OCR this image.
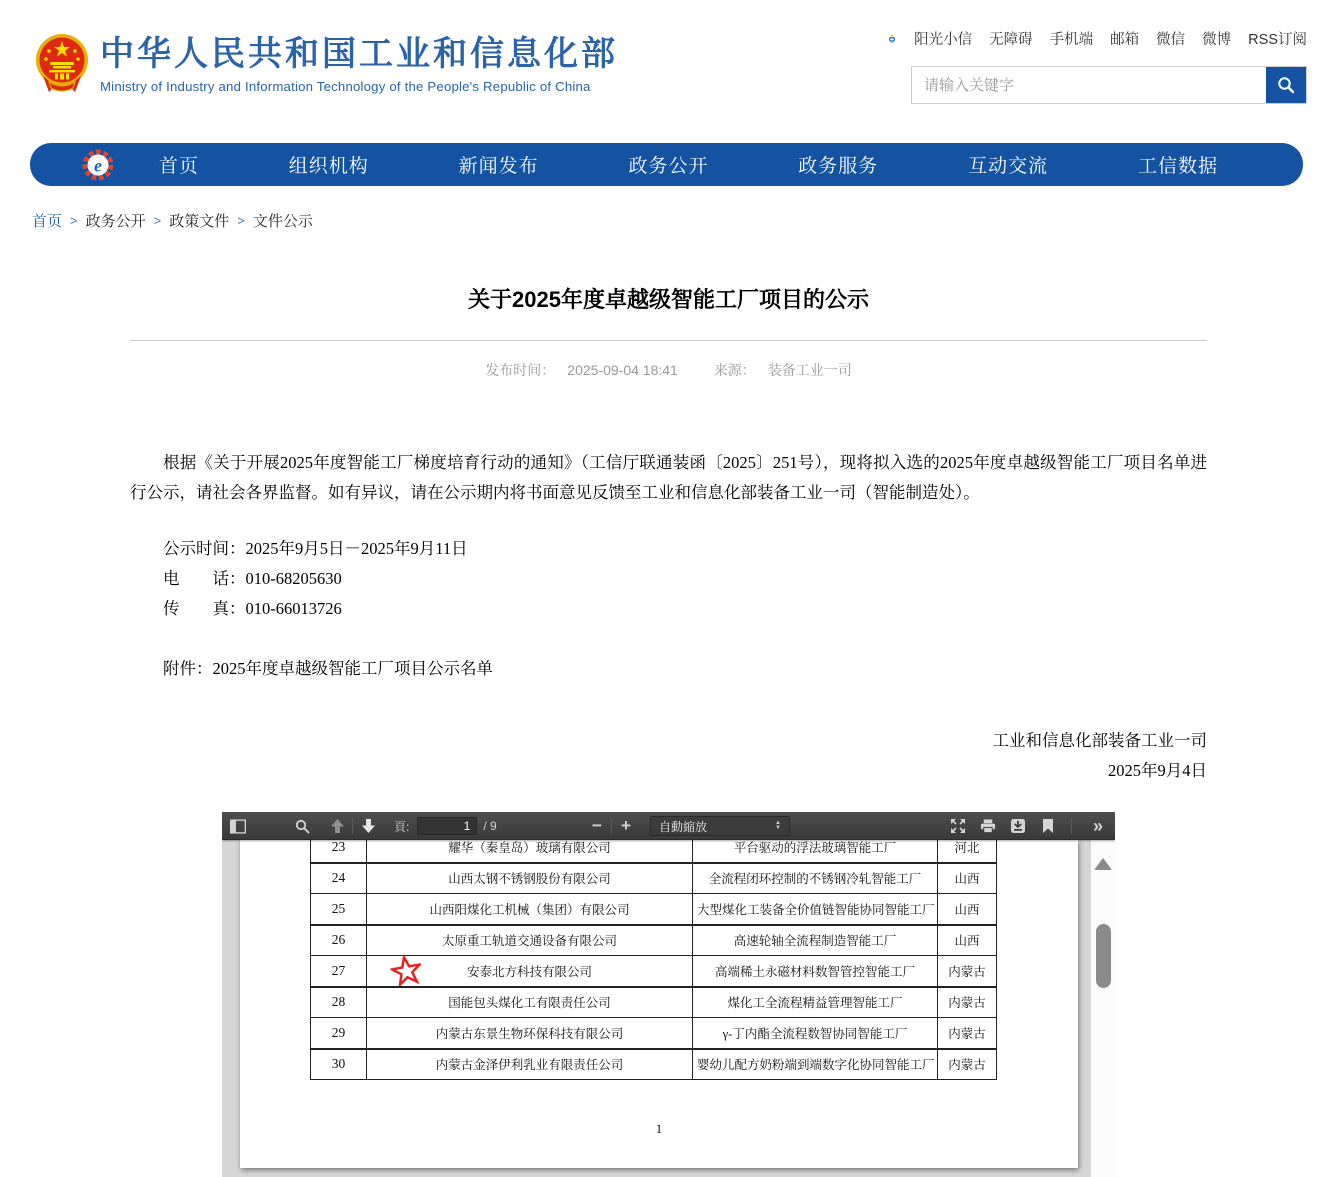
中华人民共和国工业和信息化部
Ministry of Industry and Information Technology of the People's Republic of China
阳光小信 无障碍 手机端 邮箱 微信 微博 RSS订阅
请输入关键字
e	首页	组织机构	新闻发布	政务公开	政务服务	互动交流	工信数据
首页 > 政务公开 > 政策文件 > 文件公示
关于2025年度卓越级智能工厂项目的公示
发布时间： 2025-09-04 18:41	来源： 装备工业一司
根据《关于开展2025年度智能工厂梯度培育行动的通知》（工信厅联通装函〔2025〕251号），现将拟入选的2025年度卓越级智能工厂项目名单进行公示，请社会各界监督。如有异议，请在公示期内将书面意见反馈至工业和信息化部装备工业一司（智能制造处）。
公示时间：2025年9月5日－2025年9月11日
电　　话：010-68205630
传　　真：010-66013726
附件：2025年度卓越级智能工厂项目公示名单
工业和信息化部装备工业一司
2025年9月4日
頁:
1	/ 9	− + 自動縮放	▲
▼	»
23	耀华（秦皇岛）玻璃有限公司	平台驱动的浮法玻璃智能工厂	河北
24	山西太钢不锈钢股份有限公司	全流程闭环控制的不锈钢冷轧智能工厂	山西
25	山西阳煤化工机械（集团）有限公司	大型煤化工装备全价值链智能协同智能工厂	山西
26	太原重工轨道交通设备有限公司	高速轮轴全流程制造智能工厂	山西
27	安泰北方科技有限公司	高端稀土永磁材料数智管控智能工厂	内蒙古
28	国能包头煤化工有限责任公司	煤化工全流程精益管理智能工厂	内蒙古
29	内蒙古东景生物环保科技有限公司	γ-丁内酯全流程数智协同智能工厂	内蒙古
30	内蒙古金泽伊利乳业有限责任公司	婴幼儿配方奶粉端到端数字化协同智能工厂	内蒙古
1
